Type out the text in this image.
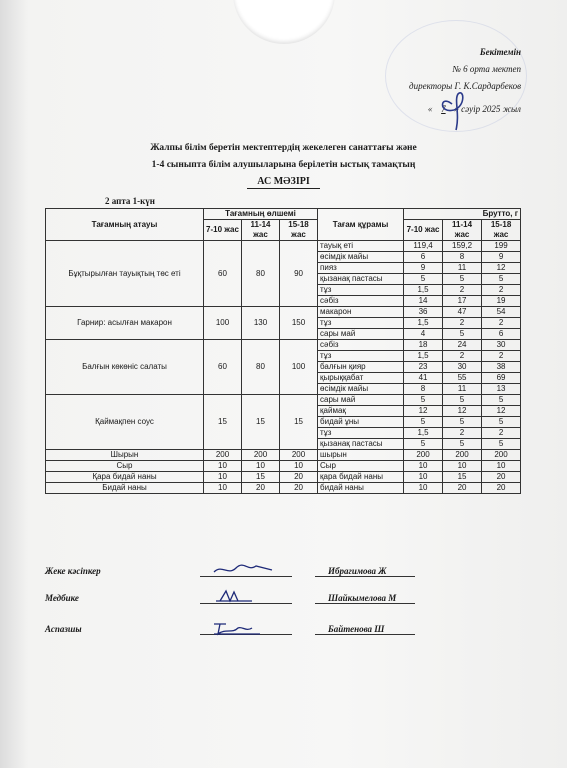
Бекітемін
№ 6 орта мектеп
директоры Г. К.Сардарбеков
« 7 » сәуір 2025 жыл
Жалпы білім беретін мектептердің жекелеген санаттағы және
1-4 сыныпта білім алушыларына берілетін ыстық тамақтың
АС МӘЗІРІ
2 апта 1-күн
Тағамның атауы	Тағамның өлшемі			Тағам құрамы	Брутто, г		
	7-10 жас	11-14 жас	15-18 жас		7-10 жас	11-14 жас	15-18 жас
Бұқтырылған тауықтың төс еті	60	80	90	тауық еті	119,4	159,2	199
				өсімдік майы	6	8	9
				пияз	9	11	12
				қызанақ пастасы	5	5	5
				тұз	1,5	2	2
				сәбіз	14	17	19
Гарнир: асылған макарон	100	130	150	макарон	36	47	54
				тұз	1,5	2	2
				сары май	4	5	6
Балғын көкөніс салаты	60	80	100	сәбіз	18	24	30
				тұз	1,5	2	2
				балғын қияр	23	30	38
				қырыққабат	41	55	69
				өсімдік майы	8	11	13
Қаймақпен соус	15	15	15	сары май	5	5	5
				қаймақ	12	12	12
				бидай ұны	5	5	5
				тұз	1,5	2	2
				қызанақ пастасы	5	5	5
Шырын	200	200	200	шырын	200	200	200
Сыр	10	10	10	Сыр	10	10	10
Қара бидай наны	10	15	20	қара бидай наны	10	15	20
Бидай наны	10	20	20	бидай наны	10	20	20
Жеке кәсіпкер	Ибрагимова Ж
Медбике	Шайкымелова М
Аспазшы	Байтенова Ш
